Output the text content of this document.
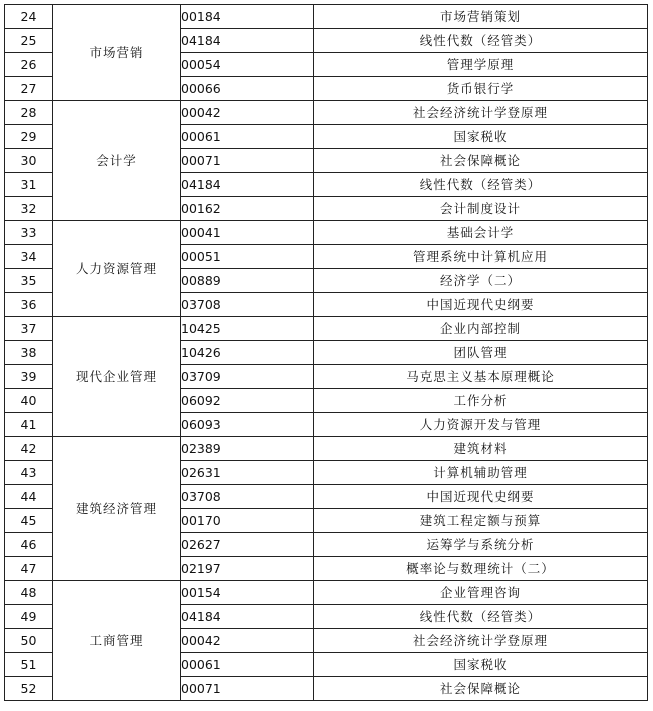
24	市场营销	00184	市场营销策划
25		04184	线性代数（经管类）
26		00054	管理学原理
27		00066	货币银行学
28	会计学	00042	社会经济统计学登原理
29		00061	国家税收
30		00071	社会保障概论
31		04184	线性代数（经管类）
32		00162	会计制度设计
33	人力资源管理	00041	基础会计学
34		00051	管理系统中计算机应用
35		00889	经济学（二）
36		03708	中国近现代史纲要
37	现代企业管理	10425	企业内部控制
38		10426	团队管理
39		03709	马克思主义基本原理概论
40		06092	工作分析
41		06093	人力资源开发与管理
42	建筑经济管理	02389	建筑材料
43		02631	计算机辅助管理
44		03708	中国近现代史纲要
45		00170	建筑工程定额与预算
46		02627	运筹学与系统分析
47		02197	概率论与数理统计（二）
48	工商管理	00154	企业管理咨询
49		04184	线性代数（经管类）
50		00042	社会经济统计学登原理
51		00061	国家税收
52		00071	社会保障概论
